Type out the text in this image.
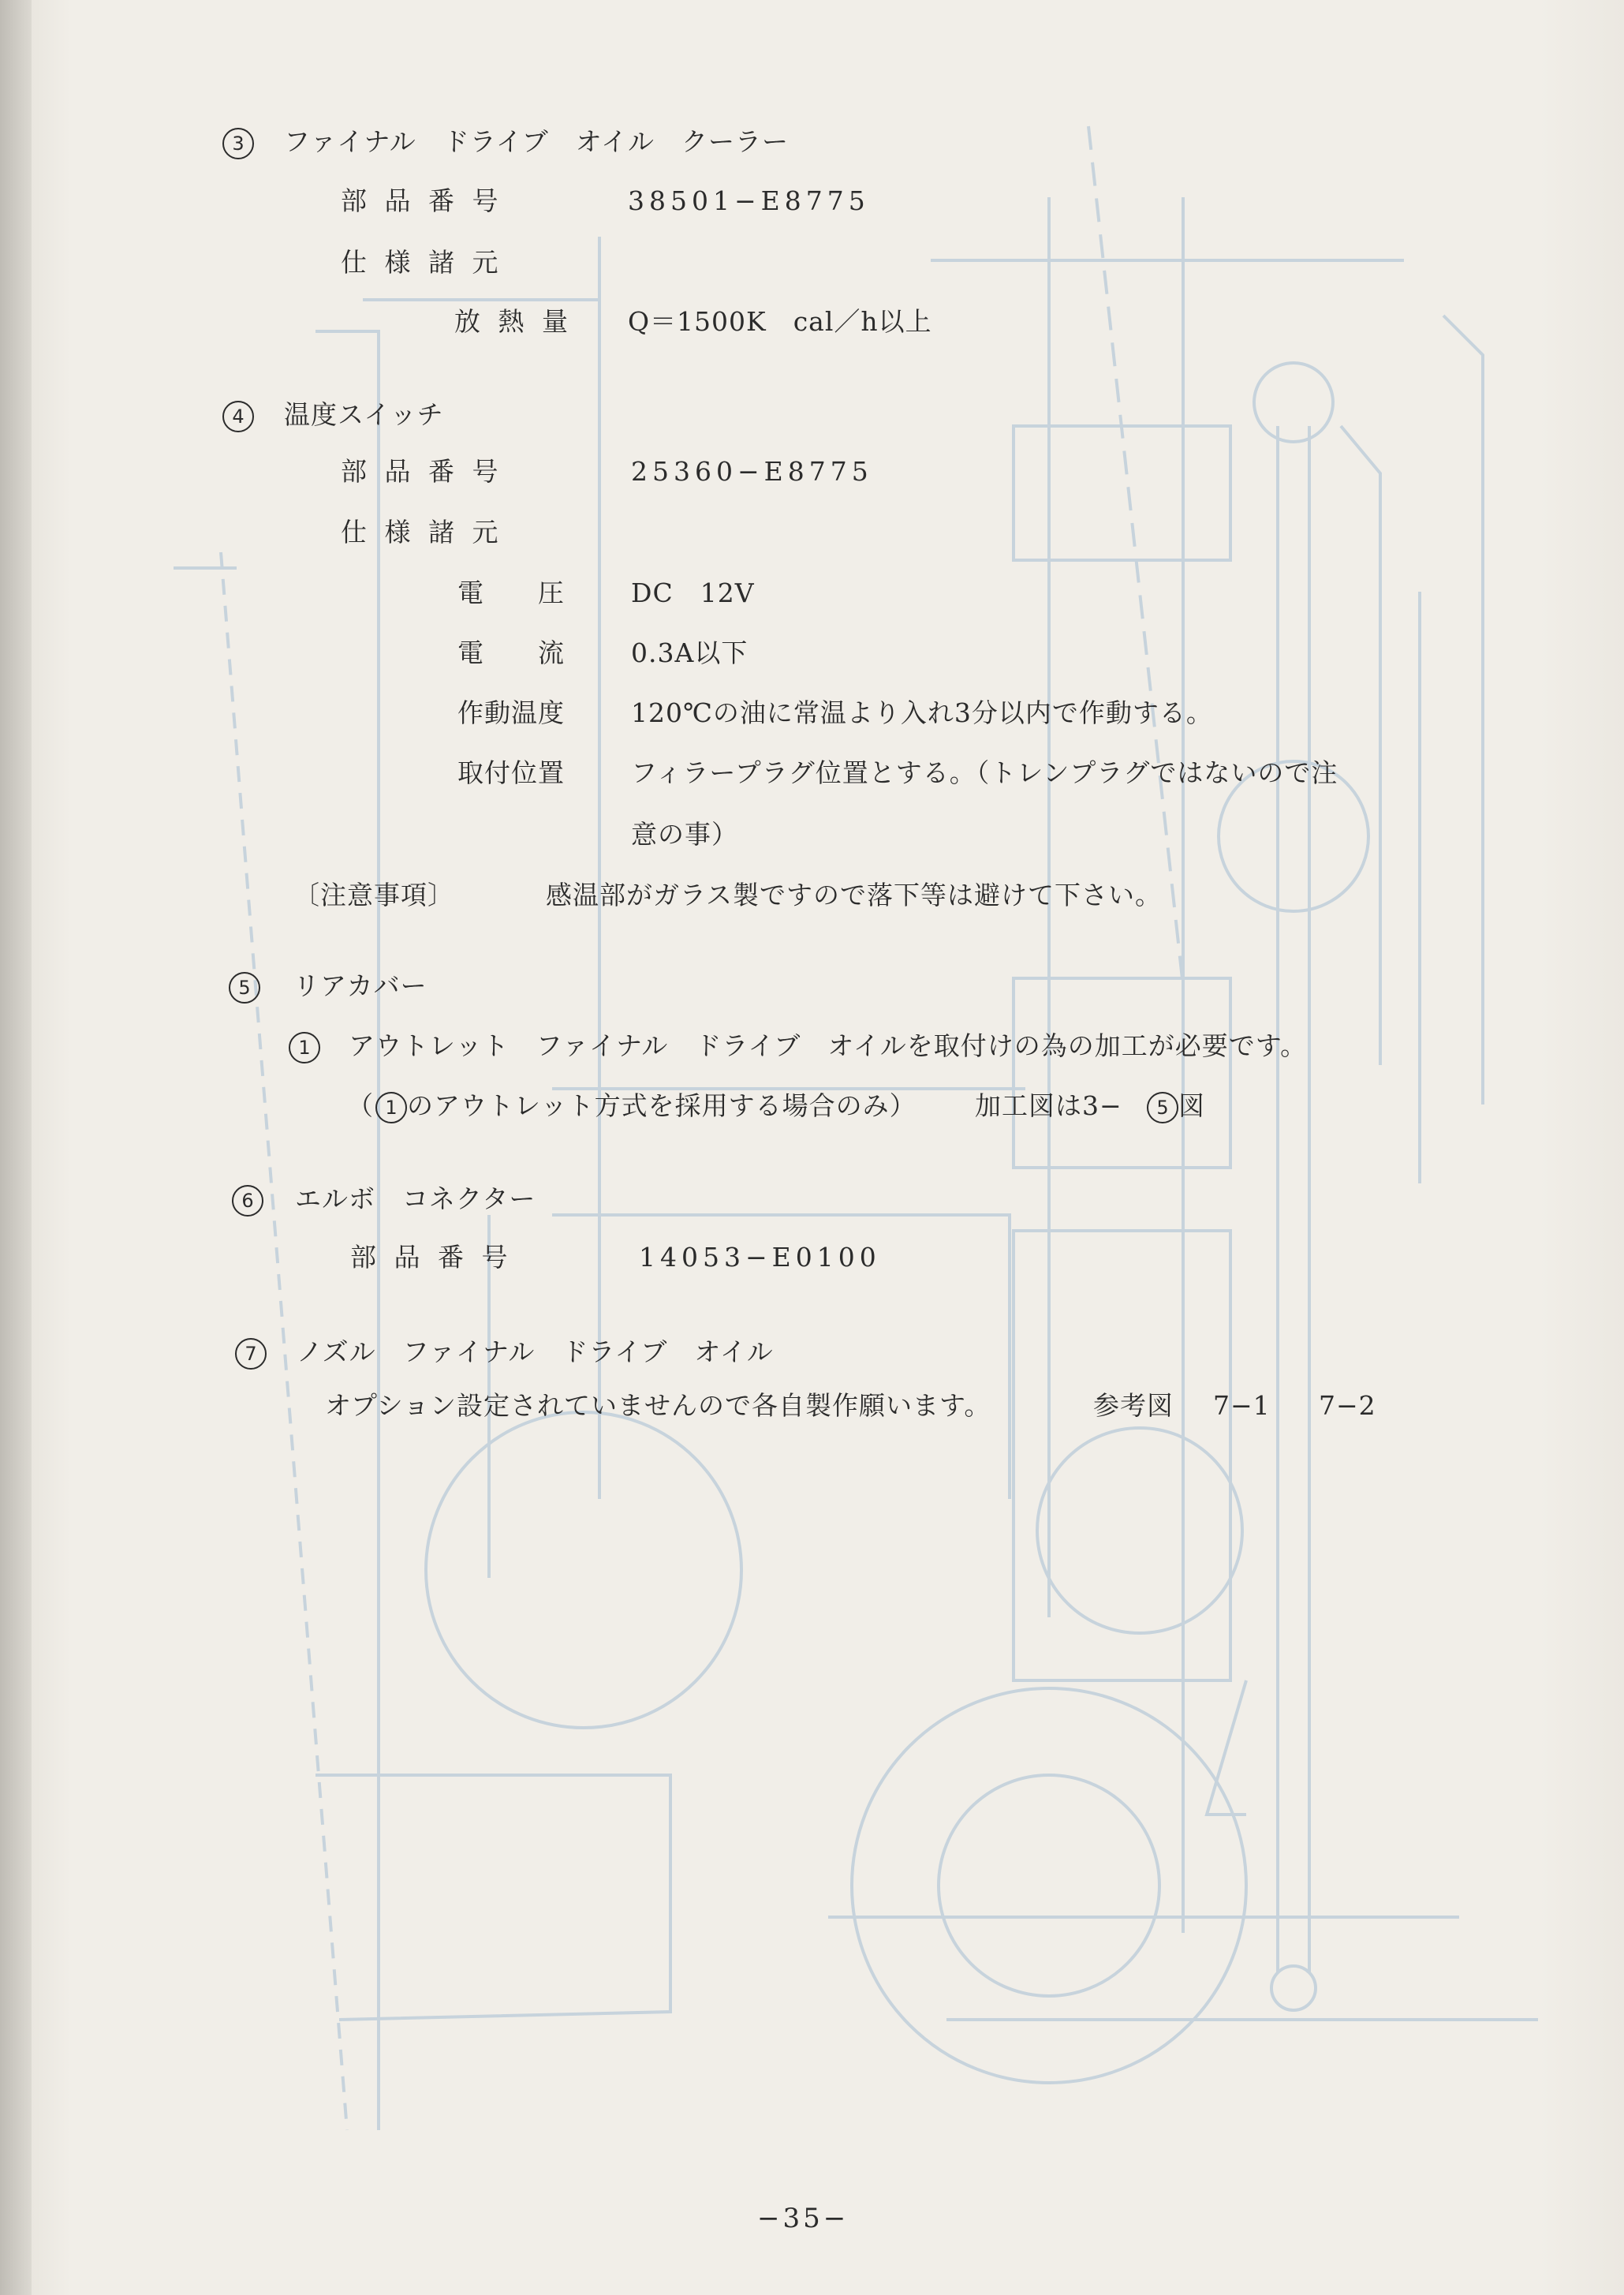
3	ファイナル　ドライブ　オイル　クーラー
部 品 番 号	38501−E8775
仕 様 諸 元
放 熱 量 Q＝1500K　cal／h以上
4	温度スイッチ
部 品 番 号	25360−E8775
仕 様 諸 元
電　　圧	DC　12V
電　　流	0.3A以下
作動温度	120℃の油に常温より入れ3分以内で作動する。
取付位置	フィラープラグ位置とする。（トレンプラグではないので注
意の事）
〔注意事項〕	感温部がガラス製ですので落下等は避けて下さい。
5	リアカバー
1	アウトレット　ファイナル　ドライブ　オイルを取付けの為の加工が必要です。
（ 1 のアウトレット方式を採用する場合のみ） 加工図は3−	5 図
6	エルボ　コネクター
部 品 番 号	14053−E0100
7	ノズル　ファイナル　ドライブ　オイル
オプション設定されていませんので各自製作願います。	参考図 7−1 7−2
−35−
